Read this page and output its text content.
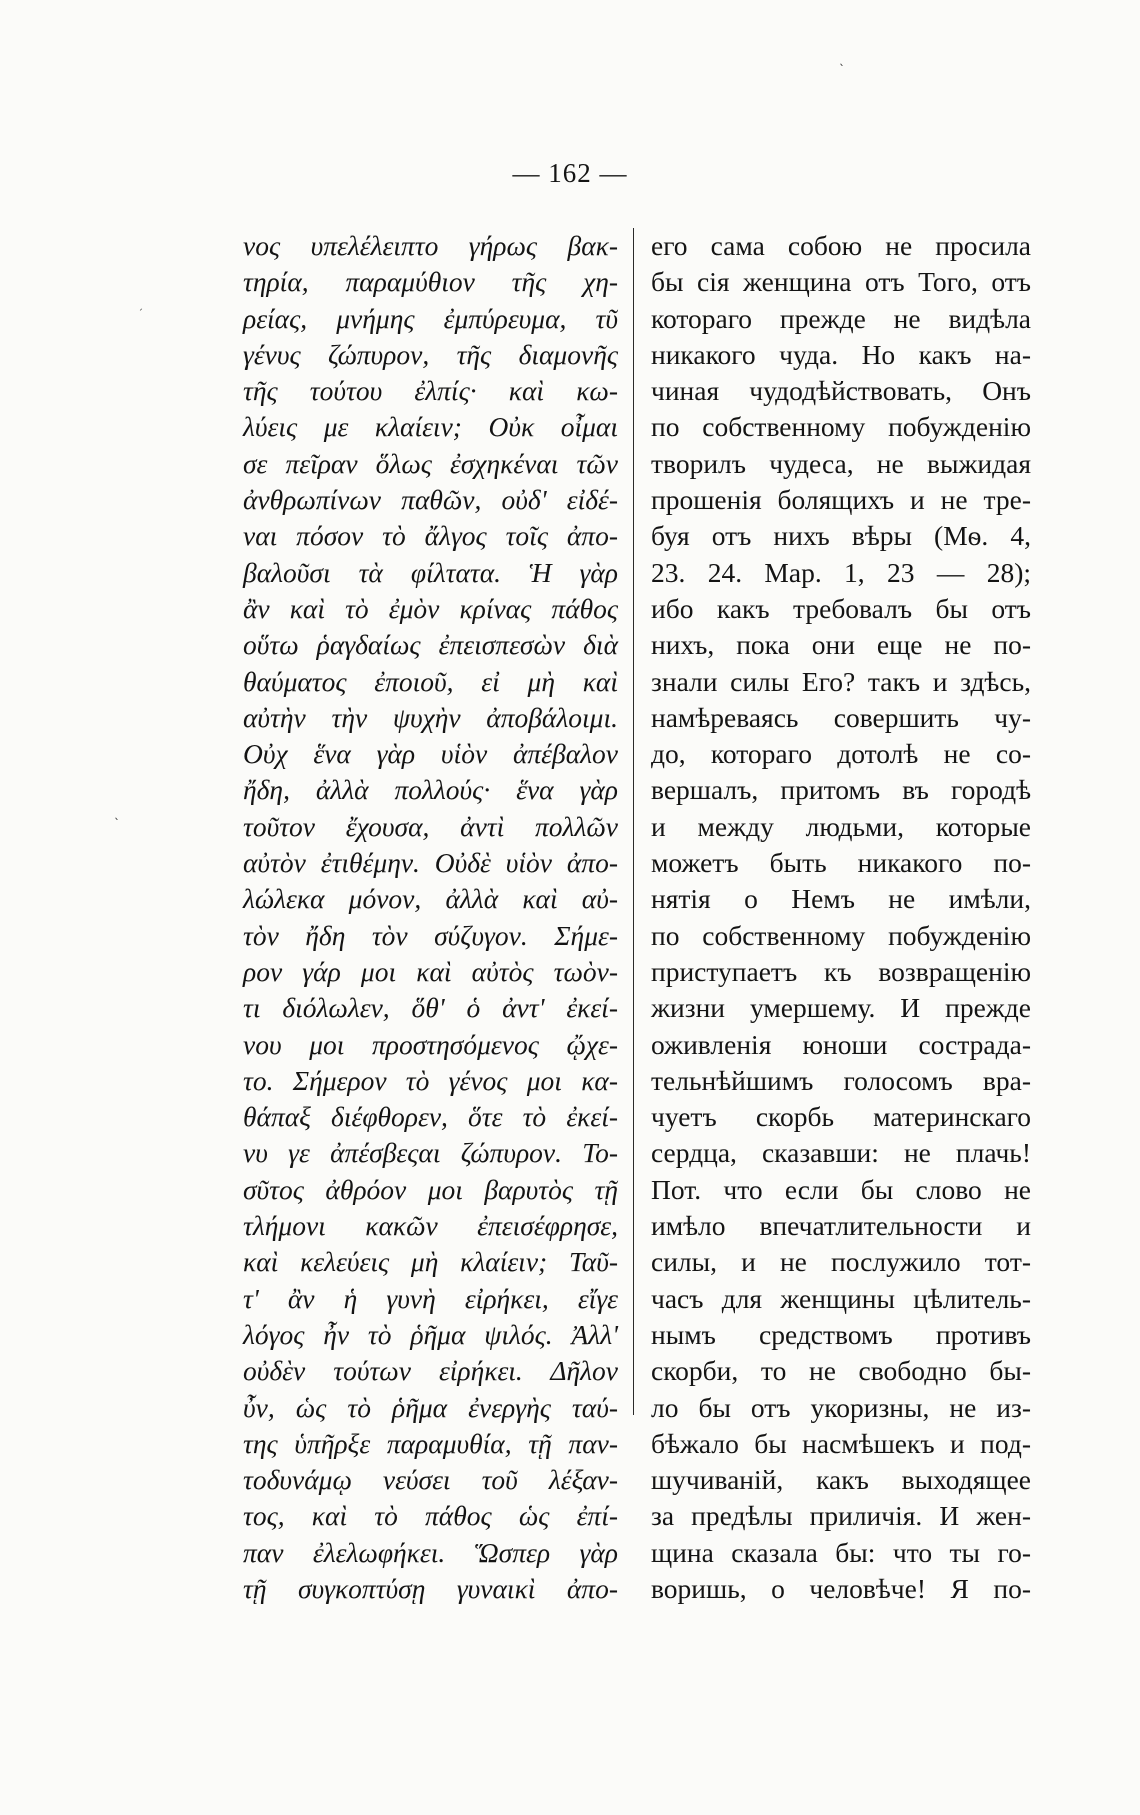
ˎ
ˏ
ˎ
— 162 —
νος υπελέλειπτο γήρως βακ-
τηρία, παραμύθιον τῆς χη-
ρείας, μνήμης ἐμπύρευμα, τῦ
γένυς ζώπυρον, τῆς διαμονῆς
τῆς τούτου ἐλπίς· καὶ κω-
λύεις με κλαίειν; Οὐκ οἶμαι
σε πεῖραν ὅλως ἐσχηκέναι τῶν
ἀνθρωπίνων παθῶν, οὐδ' εἰδέ-
ναι πόσον τὸ ἄλγος τοῖς ἀπο-
βαλοῦσι τὰ φίλτατα. Ἡ γὰρ
ἂν καὶ τὸ ἐμὸν κρίνας πάθος
οὕτω ῥαγδαίως ἐπεισπεσὼν διὰ
θαύματος ἐποιοῦ, εἰ μὴ καὶ
αὐτὴν τὴν ψυχὴν ἀποβάλοιμι.
Οὐχ ἕνα γὰρ υἱὸν ἀπέβαλον
ἤδη, ἀλλὰ πολλούς· ἕνα γὰρ
τοῦτον ἔχουσα, ἀντὶ πολλῶν
αὐτὸν ἐτιθέμην. Οὐδὲ υἱὸν ἀπο-
λώλεκα μόνον, ἀλλὰ καὶ αὐ-
τὸν ἤδη τὸν σύζυγον. Σήμε-
ρον γάρ μοι καὶ αὐτὸς τωὸν-
τι διόλωλεν, ὅθ' ὁ ἀντ' ἐκεί-
νου μοι προστησόμενος ᾤχε-
το. Σήμερον τὸ γένος μοι κα-
θάπαξ διέφθορεν, ὅτε τὸ ἐκεί-
νυ γε ἀπέσβεςαι ζώπυρον. Το-
σῦτος ἀθρόον μοι βαρυτὸς τῇ
τλήμονι κακῶν ἐπεισέφρησε,
καὶ κελεύεις μὴ κλαίειν; Ταῦ-
τ' ἂν ἡ γυνὴ εἰρήκει, εἴγε
λόγος ἦν τὸ ῥῆμα ψιλός. Ἀλλ'
οὐδὲν τούτων εἰρήκει. Δῆλον
ὖν, ὡς τὸ ῥῆμα ἐνεργὴς ταύ-
της ὑπῆρξε παραμυθία, τῇ παν-
τοδυνάμῳ νεύσει τοῦ λέξαν-
τος, καὶ τὸ πάθος ὡς ἐπί-
παν ἐλελωφήκει. Ὥσπερ γὰρ
τῇ συγκοπτύσῃ γυναικὶ ἀπο-
его сама собою не просила
бы сія женщина отъ Того, отъ
котораго прежде не видѣла
никакого чуда. Но какъ на-
чиная чудодѣйствовать, Онъ
по собственному побужденію
творилъ чудеса, не выжидая
прошенія болящихъ и не тре-
буя отъ нихъ вѣры (Мѳ. 4,
23. 24. Мар. 1, 23 — 28);
ибо какъ требовалъ бы отъ
нихъ, пока они еще не по-
знали силы Его? такъ и здѣсь,
намѣреваясь совершить чу-
до, котораго дотолѣ не со-
вершалъ, притомъ въ городѣ
и между людьми, которые
можетъ быть никакого по-
нятія о Немъ не имѣли,
по собственному побужденію
приступаетъ къ возвращенію
жизни умершему. И прежде
оживленія юноши сострада-
тельнѣйшимъ голосомъ вра-
чуетъ скорбь материнскаго
сердца, сказавши: не плачь!
Пот. что если бы слово не
имѣло впечатлительности и
силы, и не послужило тот-
часъ для женщины цѣлитель-
нымъ средствомъ противъ
скорби, то не свободно бы-
ло бы отъ укоризны, не из-
бѣжало бы насмѣшекъ и под-
шучиваній, какъ выходящее
за предѣлы приличія. И жен-
щина сказала бы: что ты го-
воришь, о человѣче! Я по-
